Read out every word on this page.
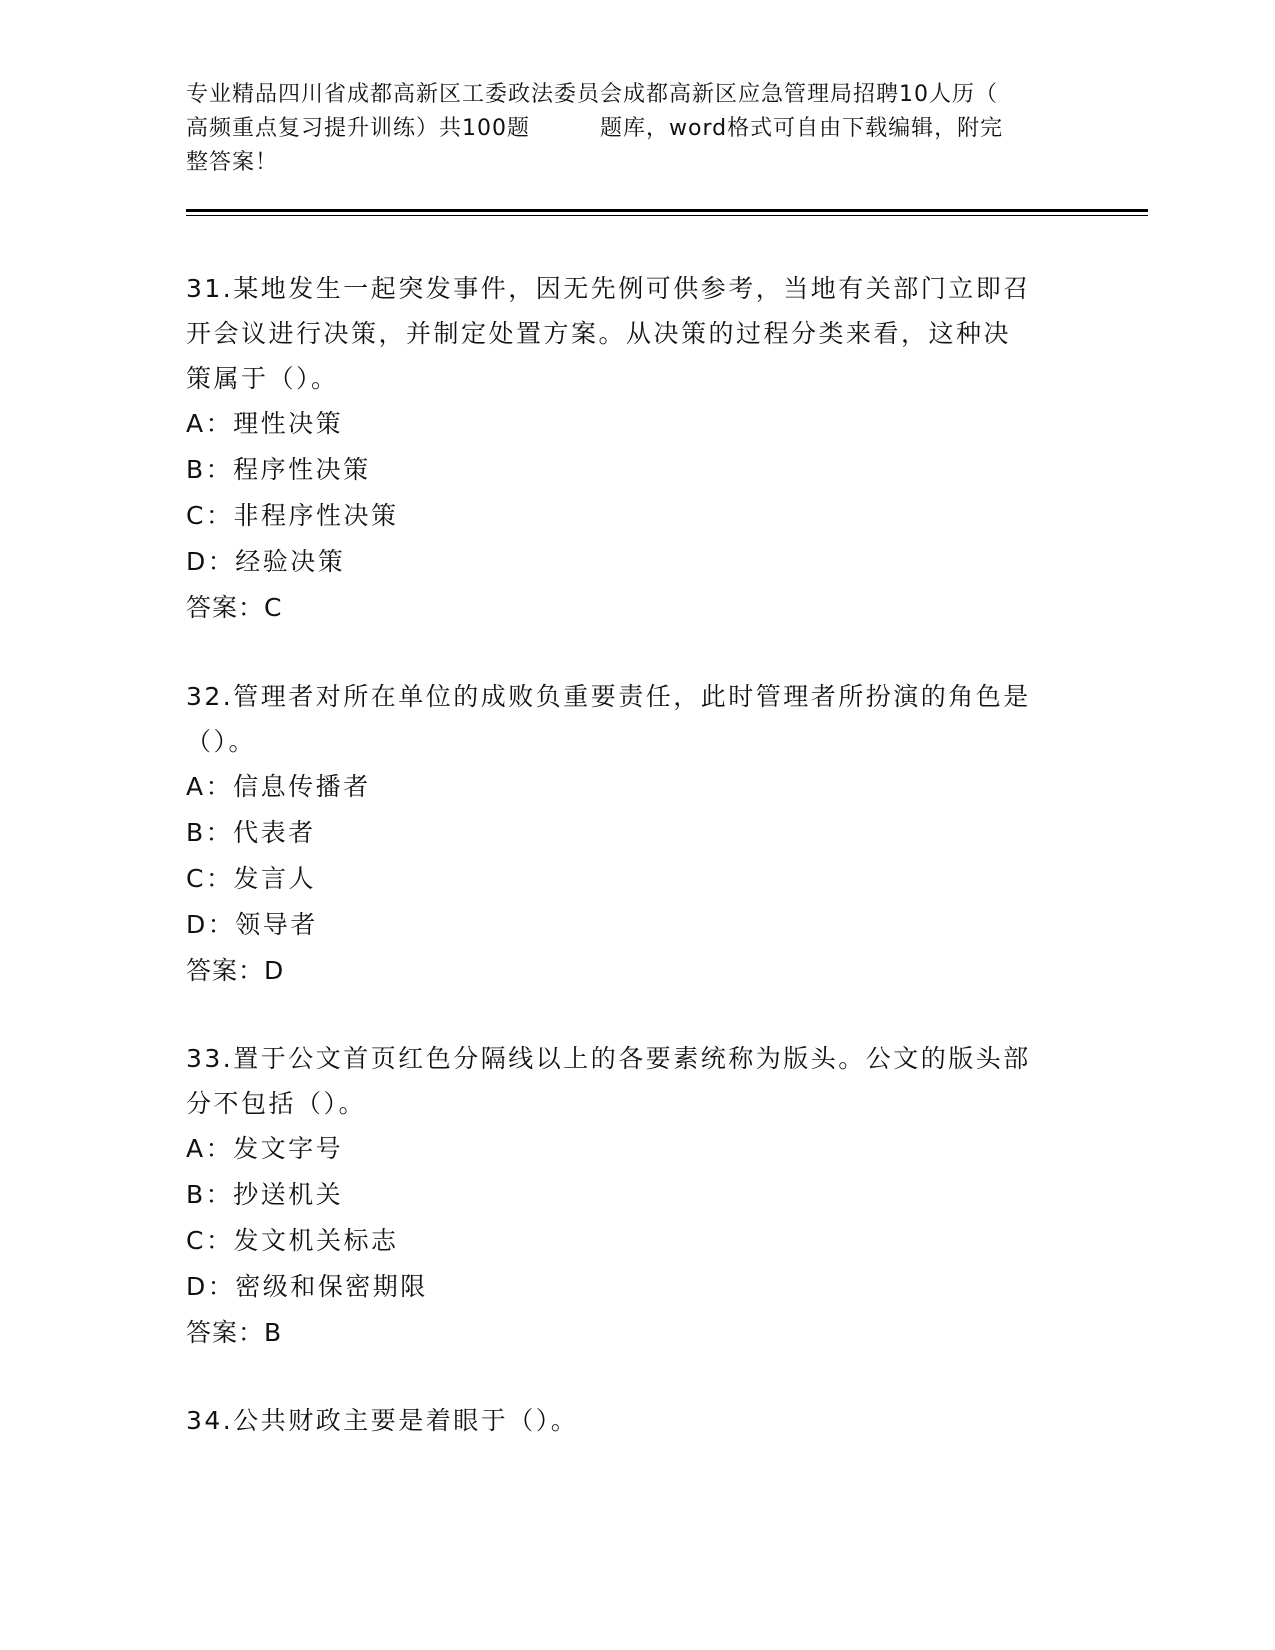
专业精品四川省成都高新区工委政法委员会成都高新区应急管理局招聘10人历（
高频重点复习提升训练）共100题	题库，word格式可自由下载编辑，附完
整答案！
31.某地发生一起突发事件，因无先例可供参考，当地有关部门立即召
开会议进行决策，并制定处置方案。从决策的过程分类来看，这种决
策属于（）。
A：理性决策
B：程序性决策
C：非程序性决策
D：经验决策
答案：C
32.管理者对所在单位的成败负重要责任，此时管理者所扮演的角色是
（）。
A：信息传播者
B：代表者
C：发言人
D：领导者
答案：D
33.置于公文首页红色分隔线以上的各要素统称为版头。公文的版头部
分不包括（）。
A：发文字号
B：抄送机关
C：发文机关标志
D：密级和保密期限
答案：B
34.公共财政主要是着眼于（）。
